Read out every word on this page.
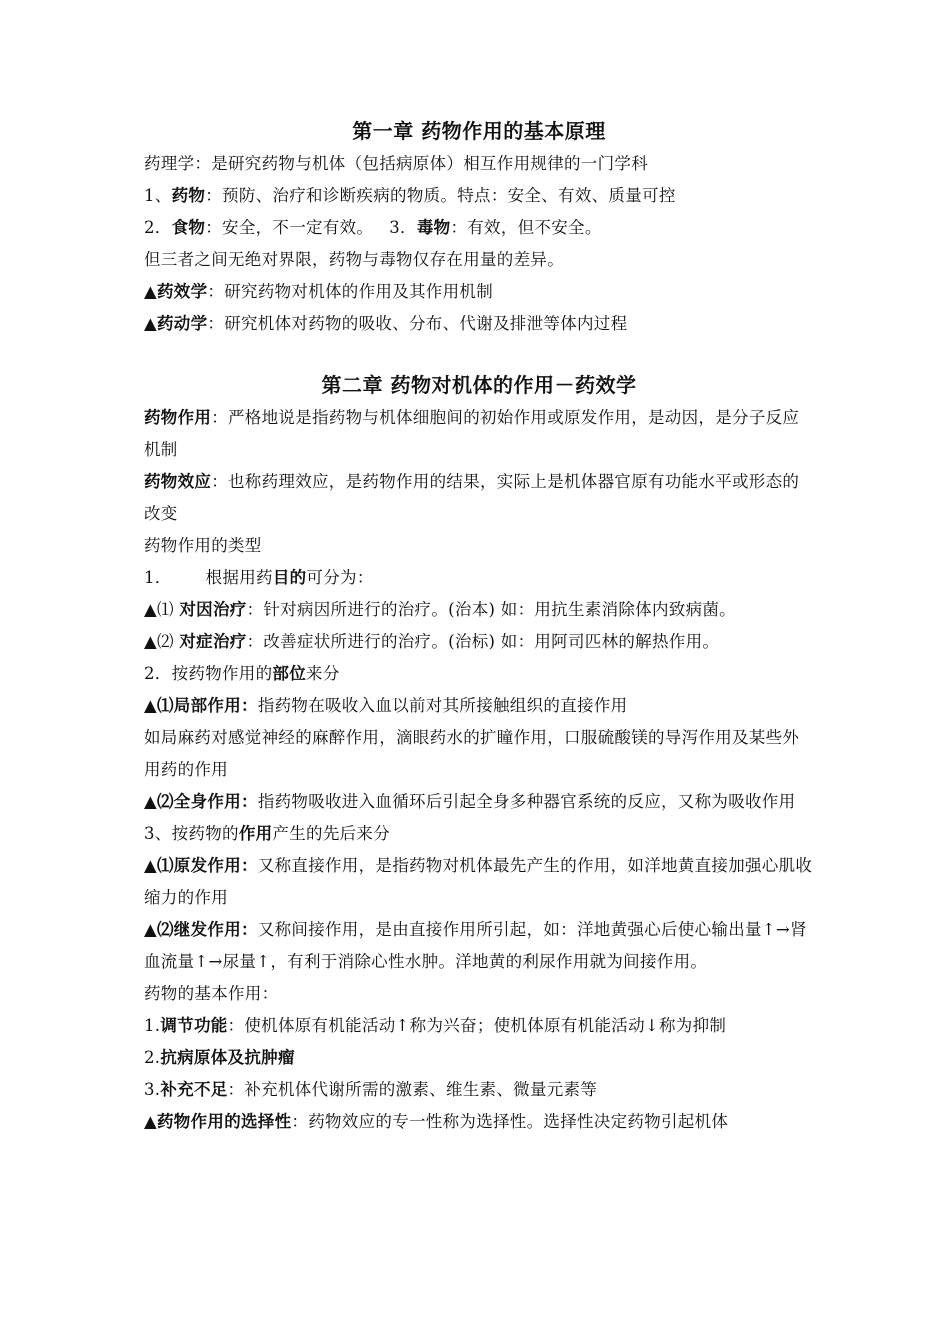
第一章 药物作用的基本原理

药理学：是研究药物与机体（包括病原体）相互作用规律的一门学科

1、药物：预防、治疗和诊断疾病的物质。特点：安全、有效、质量可控

2．食物：安全，不一定有效。 3．毒物：有效，但不安全。

但三者之间无绝对界限，药物与毒物仅存在用量的差异。

▲药效学：研究药物对机体的作用及其作用机制

▲药动学：研究机体对药物的吸收、分布、代谢及排泄等体内过程

第二章 药物对机体的作用－药效学

药物作用：严格地说是指药物与机体细胞间的初始作用或原发作用，是动因，是分子反应机制

药物效应：也称药理效应，是药物作用的结果，实际上是机体器官原有功能水平或形态的改变

药物作用的类型

1． 根据用药目的可分为：

▲⑴ 对因治疗：针对病因所进行的治疗。(治本) 如：用抗生素消除体内致病菌。

▲⑵ 对症治疗：改善症状所进行的治疗。(治标) 如：用阿司匹林的解热作用。

2．按药物作用的部位来分

▲⑴局部作用：指药物在吸收入血以前对其所接触组织的直接作用

如局麻药对感觉神经的麻醉作用，滴眼药水的扩瞳作用，口服硫酸镁的导泻作用及某些外用药的作用

▲⑵全身作用：指药物吸收进入血循环后引起全身多种器官系统的反应，又称为吸收作用

3、按药物的作用产生的先后来分

▲⑴原发作用：又称直接作用，是指药物对机体最先产生的作用，如洋地黄直接加强心肌收缩力的作用

▲⑵继发作用：又称间接作用，是由直接作用所引起，如：洋地黄强心后使心输出量↑→肾血流量↑→尿量↑，有利于消除心性水肿。洋地黄的利尿作用就为间接作用。

药物的基本作用：

1.调节功能：使机体原有机能活动↑称为兴奋；使机体原有机能活动↓称为抑制

2.抗病原体及抗肿瘤

3.补充不足：补充机体代谢所需的激素、维生素、微量元素等

▲药物作用的选择性：药物效应的专一性称为选择性。选择性决定药物引起机体
